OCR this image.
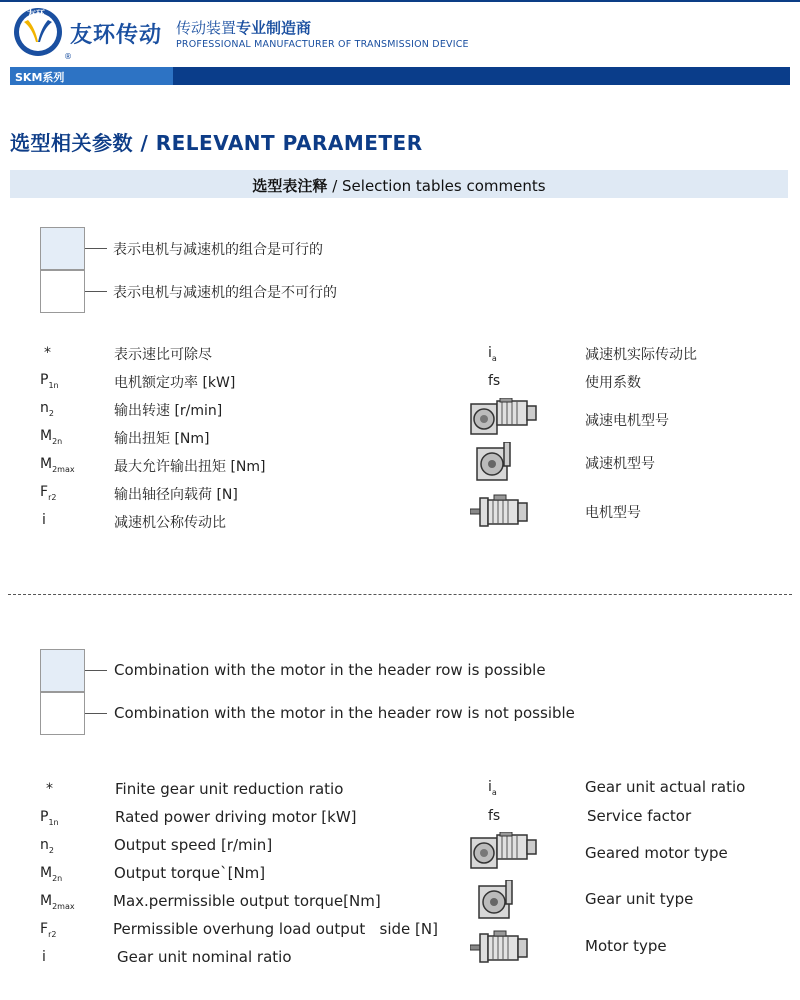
友环
®
友环传动 传动装置专业制造商
PROFESSIONAL MANUFACTURER OF TRANSMISSION DEVICE
SKM系列
选型相关参数 / RELEVANT PARAMETER
选型表注释 / Selection tables comments
表示电机与减速机的组合是可行的
表示电机与减速机的组合是不可行的
*
$P_{1n}$
$n_2$
$M_{2n}$
$M_{2max}$
$F_{r2}$
i
表示速比可除尽
电机额定功率 [kW]
输出转速 [r/min]
输出扭矩 [Nm]
最大允许输出扭矩 [Nm]
输出轴径向载荷 [N]
减速机公称传动比
$i_a$
fs
减速机实际传动比
使用系数
减速电机型号
减速机型号
电机型号
Combination with the motor in the header row is possible
Combination with the motor in the header row is not possible
*
$P_{1n}$
$n_2$
$M_{2n}$
$M_{2max}$
$F_{r2}$
i
Finite gear unit reduction ratio
Rated power driving motor [kW]
Output speed [r/min]
Output torque`[Nm]
Max.permissible output torque[Nm]
Permissible overhung load output   side [N]
Gear unit nominal ratio
$i_a$
fs
Gear unit actual ratio
Service factor
Geared motor type
Gear unit type
Motor type
